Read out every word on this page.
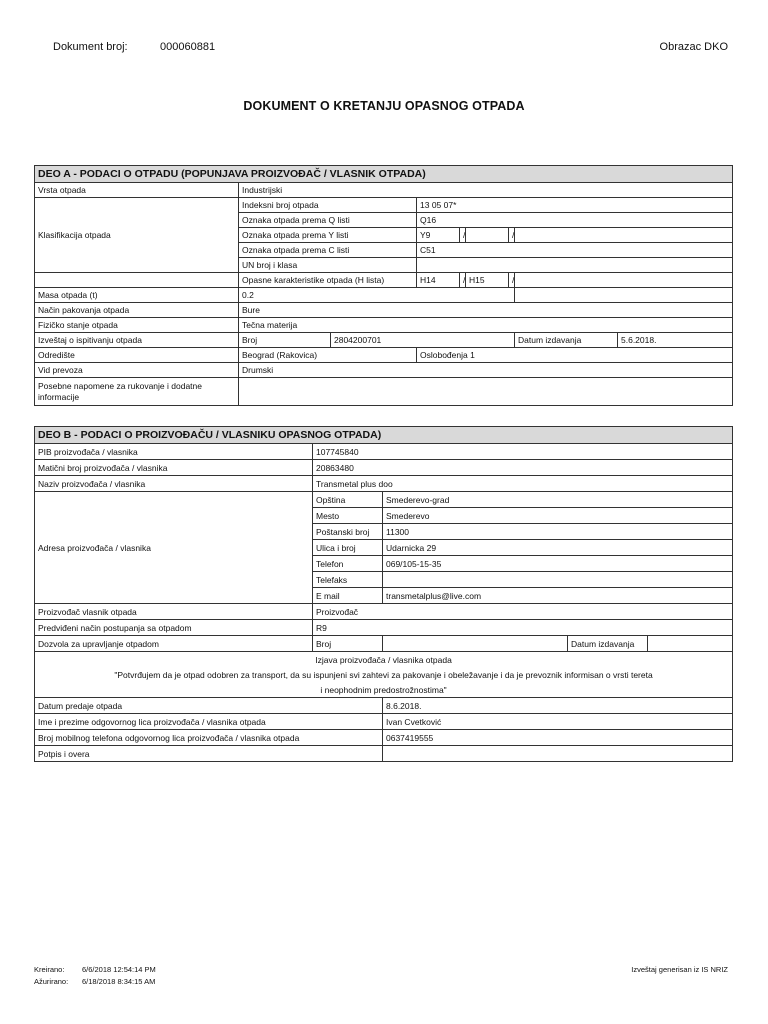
Dokument broj:	000060881	Obrazac DKO
DOKUMENT O KRETANJU OPASNOG OTPADA
DEO A - PODACI O OTPADU (POPUNJAVA PROIZVOĐAČ / VLASNIK OTPADA)								
Vrsta otpada	Industrijski							
Klasifikacija otpada	Indeksni broj otpada		13 05 07*					
	Oznaka otpada prema Q listi		Q16					
	Oznaka otpada prema Y listi		Y9	/		/		
	Oznaka otpada prema C listi		C51					
	UN broj i klasa							
	Opasne karakteristike otpada (H lista)		H14	/	H15	/		
Masa otpada (t)	0.2							
Način pakovanja otpada	Bure							
Fizičko stanje otpada	Tečna materija							
Izveštaj o ispitivanju otpada	Broj	2804200701					Datum izdavanja	5.6.2018.
Odredište	Beograd (Rakovica)		Oslobođenja 1					
Vid prevoza	Drumski							
Posebne napomene za rukovanje i dodatne informacije								
DEO B - PODACI O PROIZVOĐAČU / VLASNIKU OPASNOG OTPADA)				
PIB proizvođača / vlasnika	107745840			
Matični broj proizvođača / vlasnika	20863480			
Naziv proizvođača / vlasnika	Transmetal plus doo			
Adresa proizvođača / vlasnika	Opština	Smederevo-grad		
	Mesto	Smederevo		
	Poštanski broj	11300		
	Ulica i broj	Udarnicka 29		
	Telefon	069/105-15-35		
	Telefaks			
	E mail	transmetalplus@live.com		
Proizvođač vlasnik otpada	Proizvođač			
Predviđeni način postupanja sa otpadom	R9			
Dozvola za upravljanje otpadom	Broj		Datum izdavanja	
Izjava proizvođača / vlasnika otpada				
"Potvrđujem da je otpad odobren za transport, da su ispunjeni svi zahtevi za pakovanje i obeležavanje i da je prevoznik informisan o vrsti tereta				
i neophodnim predostrožnostima"				
Datum predaje otpada		8.6.2018.		
Ime i prezime odgovornog lica proizvođača / vlasnika otpada		Ivan Cvetković		
Broj mobilnog telefona odgovornog lica proizvođača / vlasnika otpada		0637419555		
Potpis i overa				
Kreirano: 6/6/2018 12:54:14 PM
Ažurirano: 6/18/2018 8:34:15 AM
Izveštaj generisan iz IS NRIZ
